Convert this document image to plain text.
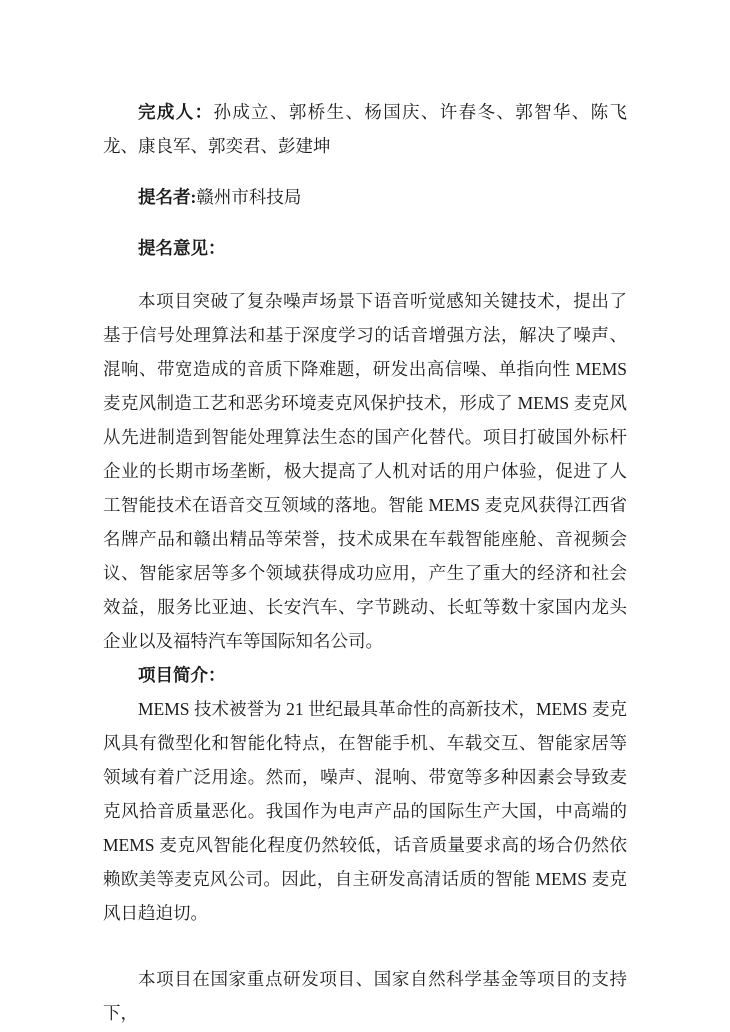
完成人：孙成立、郭桥生、杨国庆、许春冬、郭智华、陈飞龙、康良军、郭奕君、彭建坤

提名者:赣州市科技局

提名意见：

本项目突破了复杂噪声场景下语音听觉感知关键技术，提出了基于信号处理算法和基于深度学习的话音增强方法，解决了噪声、混响、带宽造成的音质下降难题，研发出高信噪、单指向性 MEMS 麦克风制造工艺和恶劣环境麦克风保护技术，形成了 MEMS 麦克风从先进制造到智能处理算法生态的国产化替代。项目打破国外标杆企业的长期市场垄断，极大提高了人机对话的用户体验，促进了人工智能技术在语音交互领域的落地。智能 MEMS 麦克风获得江西省名牌产品和赣出精品等荣誉，技术成果在车载智能座舱、音视频会议、智能家居等多个领域获得成功应用，产生了重大的经济和社会效益，服务比亚迪、长安汽车、字节跳动、长虹等数十家国内龙头企业以及福特汽车等国际知名公司。

项目简介：

MEMS 技术被誉为 21 世纪最具革命性的高新技术，MEMS 麦克风具有微型化和智能化特点，在智能手机、车载交互、智能家居等领域有着广泛用途。然而，噪声、混响、带宽等多种因素会导致麦克风拾音质量恶化。我国作为电声产品的国际生产大国，中高端的 MEMS 麦克风智能化程度仍然较低，话音质量要求高的场合仍然依赖欧美等麦克风公司。因此，自主研发高清话质的智能 MEMS 麦克风日趋迫切。

本项目在国家重点研发项目、国家自然科学基金等项目的支持下，
